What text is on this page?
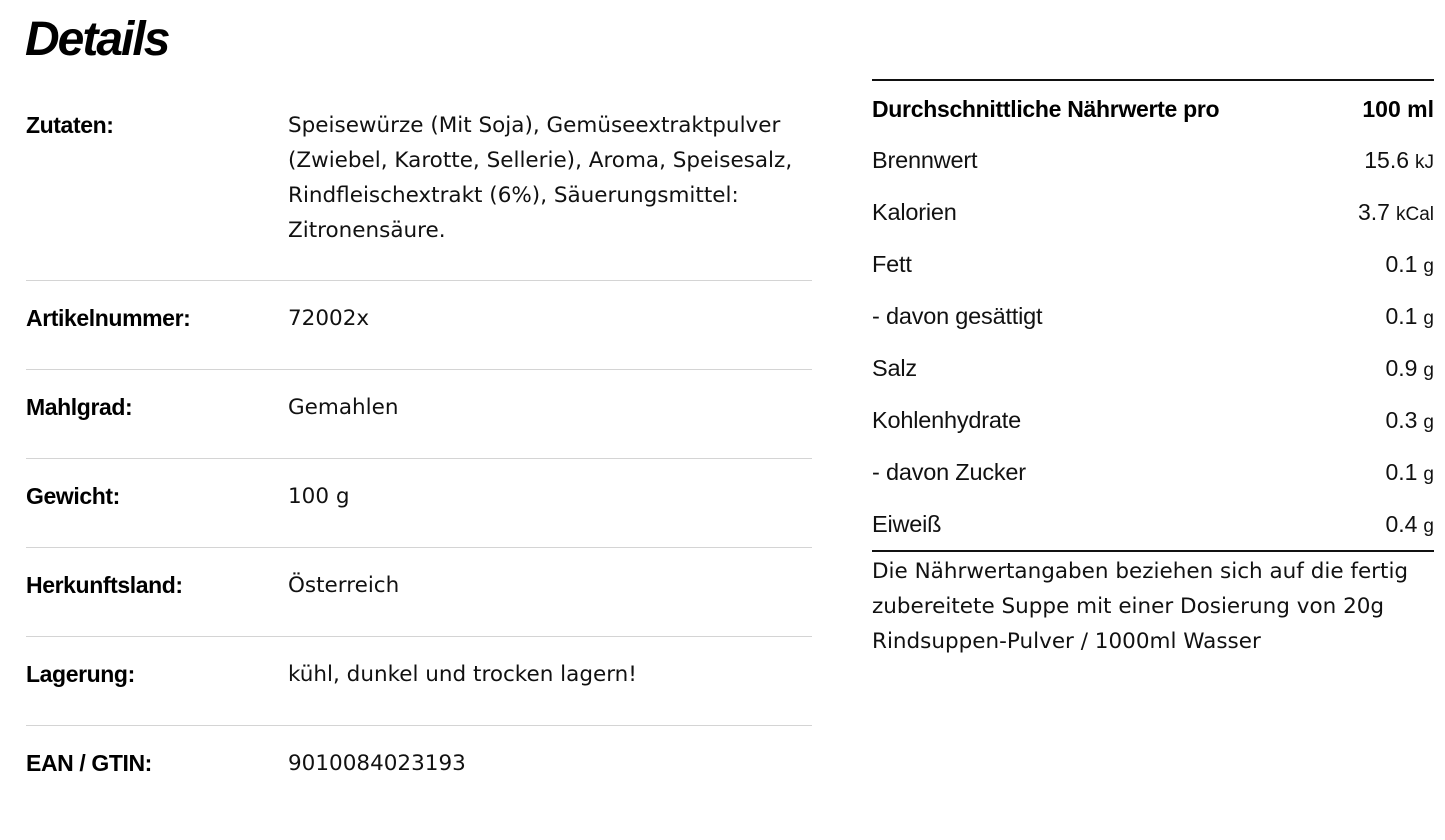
Details
Zutaten:	Speisewürze (Mit Soja), Gemüseextraktpulver (Zwiebel, Karotte, Sellerie), Aroma, Speisesalz, Rindfleischextrakt (6%), Säuerungsmittel: Zitronensäure.
Artikelnummer:	72002x
Mahlgrad:	Gemahlen
Gewicht:	100 g
Herkunftsland:	Österreich
Lagerung:	kühl, dunkel und trocken lagern!
EAN / GTIN:	9010084023193
Durchschnittliche Nährwerte pro	100 ml
Brennwert	15.6 kJ
Kalorien	3.7 kCal
Fett	0.1 g
- davon gesättigt	0.1 g
Salz	0.9 g
Kohlenhydrate	0.3 g
- davon Zucker	0.1 g
Eiweiß	0.4 g
Die Nährwertangaben beziehen sich auf die fertig zubereitete Suppe mit einer Dosierung von 20g Rindsuppen-Pulver / 1000ml Wasser
